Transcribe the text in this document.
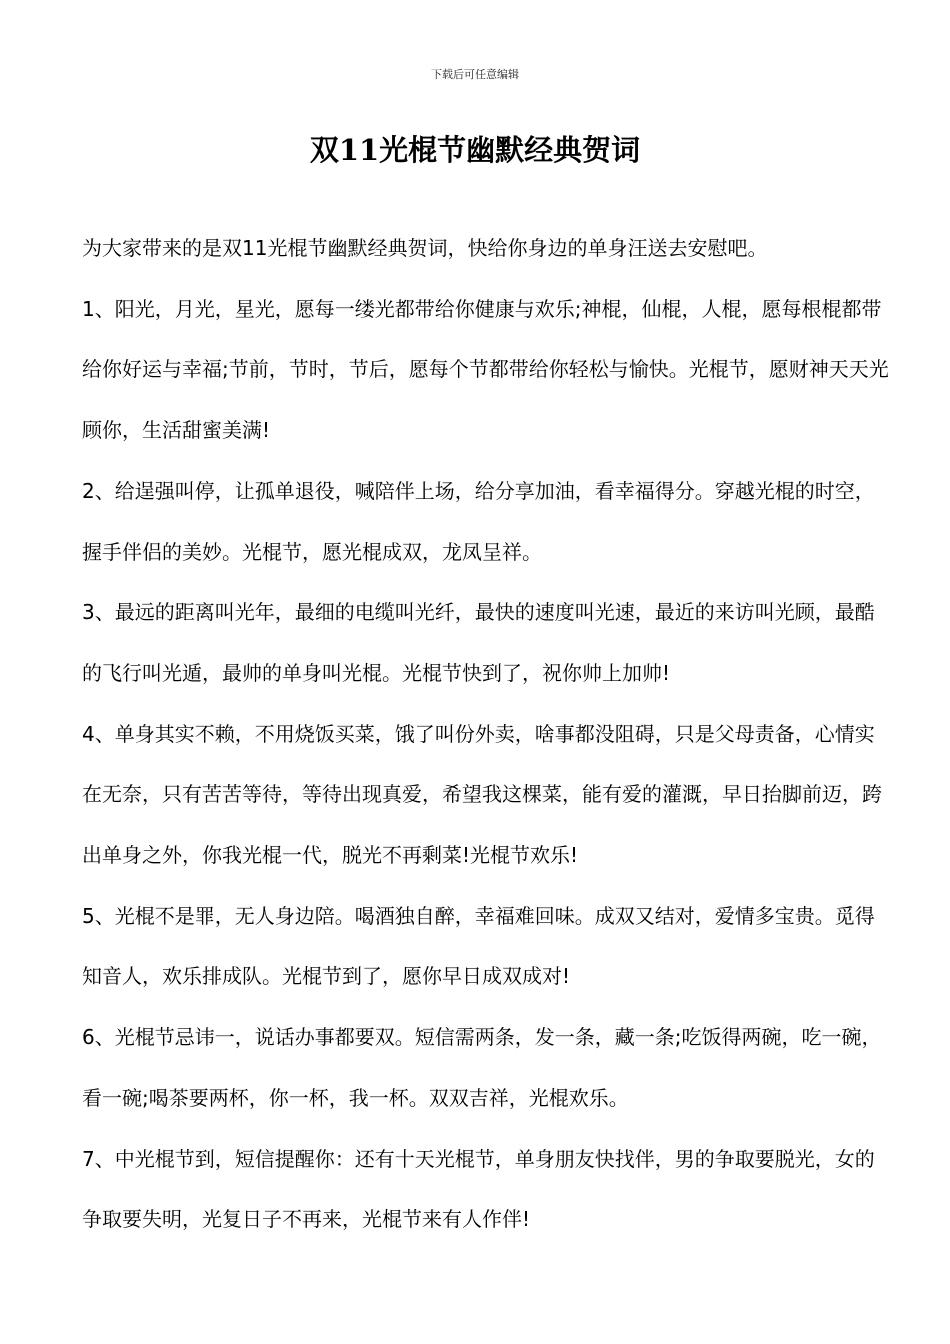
下载后可任意编辑
双11光棍节幽默经典贺词

为大家带来的是双11光棍节幽默经典贺词，快给你身边的单身汪送去安慰吧。

1、阳光，月光，星光，愿每一缕光都带给你健康与欢乐;神棍，仙棍，人棍，愿每根棍都带给你好运与幸福;节前，节时，节后，愿每个节都带给你轻松与愉快。光棍节，愿财神天天光顾你，生活甜蜜美满!

2、给逞强叫停，让孤单退役，喊陪伴上场，给分享加油，看幸福得分。穿越光棍的时空，握手伴侣的美妙。光棍节，愿光棍成双，龙凤呈祥。

3、最远的距离叫光年，最细的电缆叫光纤，最快的速度叫光速，最近的来访叫光顾，最酷的飞行叫光遁，最帅的单身叫光棍。光棍节快到了，祝你帅上加帅!

4、单身其实不赖，不用烧饭买菜，饿了叫份外卖，啥事都没阻碍，只是父母责备，心情实在无奈，只有苦苦等待，等待出现真爱，希望我这棵菜，能有爱的灌溉，早日抬脚前迈，跨出单身之外，你我光棍一代，脱光不再剩菜!光棍节欢乐!

5、光棍不是罪，无人身边陪。喝酒独自醉，幸福难回味。成双又结对，爱情多宝贵。觅得知音人，欢乐排成队。光棍节到了，愿你早日成双成对!

6、光棍节忌讳一，说话办事都要双。短信需两条，发一条，藏一条;吃饭得两碗，吃一碗，看一碗;喝茶要两杯，你一杯，我一杯。双双吉祥，光棍欢乐。

7、中光棍节到，短信提醒你：还有十天光棍节，单身朋友快找伴，男的争取要脱光，女的争取要失明，光复日子不再来，光棍节来有人作伴!
